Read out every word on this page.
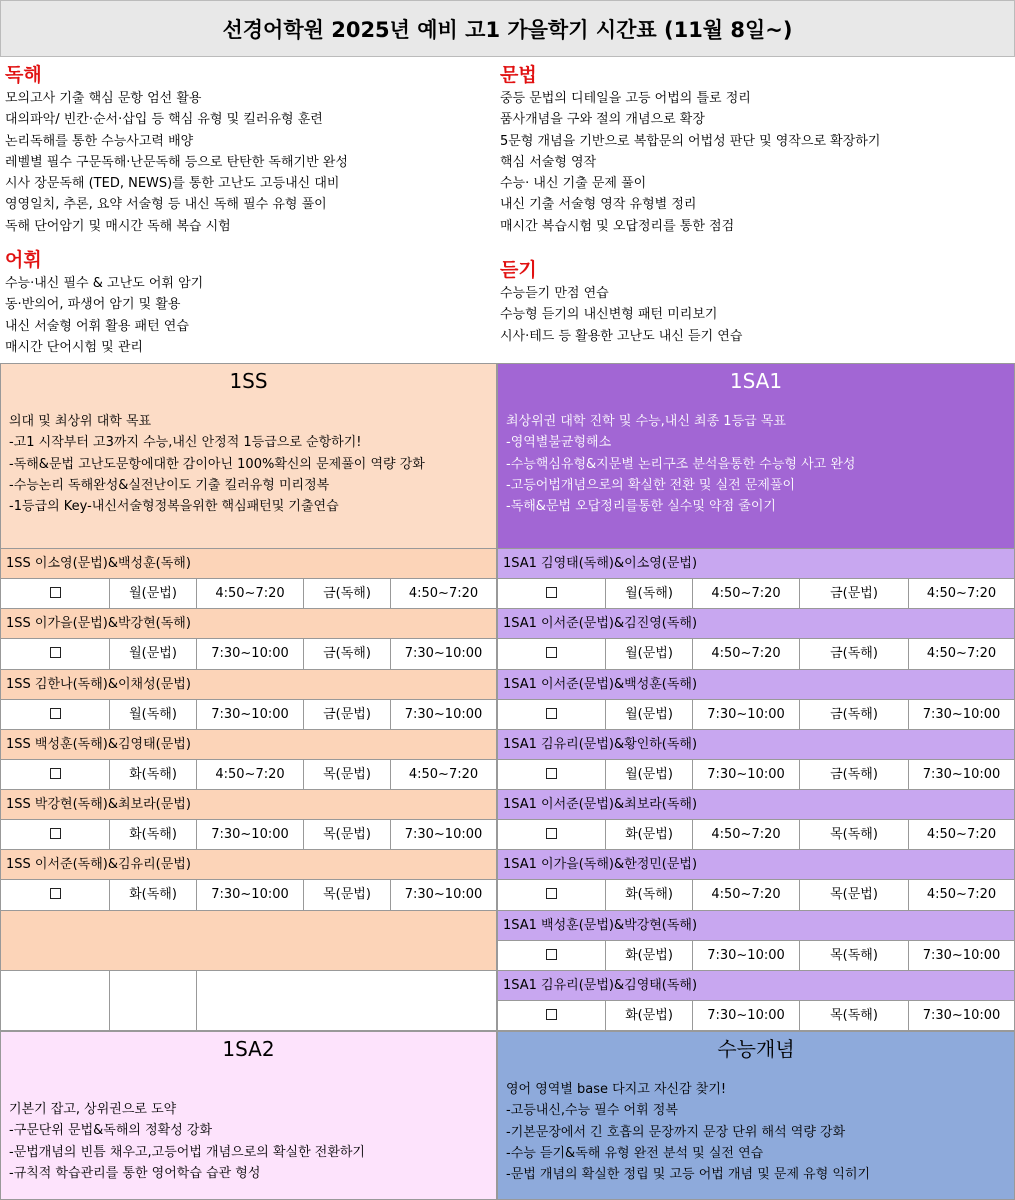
선경어학원 2025년 예비 고1 가을학기 시간표 (11월 8일~)
독해
모의고사 기출 핵심 문항 엄선 활용
대의파악/ 빈칸·순서·삽입 등 핵심 유형 및 킬러유형 훈련
논리독해를 통한 수능사고력 배양
레벨별 필수 구문독해·난문독해 등으로 탄탄한 독해기반 완성
시사 장문독해 (TED, NEWS)를 통한 고난도 고등내신 대비
영영일치, 추론, 요약 서술형 등 내신 독해 필수 유형 풀이
독해 단어암기 및 매시간 독해 복습 시험
어휘
수능·내신 필수 & 고난도 어휘 암기
동·반의어, 파생어 암기 및 활용
내신 서술형 어휘 활용 패턴 연습
매시간 단어시험 및 관리
문법
중등 문법의 디테일을 고등 어법의 틀로 정리
품사개념을 구와 절의 개념으로 확장
5문형 개념을 기반으로 복합문의 어법성 판단 및 영작으로 확장하기
핵심 서술형 영작
수능· 내신 기출 문제 풀이
내신 기출 서술형 영작 유형별 정리
매시간 복습시험 및 오답정리를 통한 점검
듣기
수능듣기 만점 연습
수능형 듣기의 내신변형 패턴 미리보기
시사·테드 등 활용한 고난도 내신 듣기 연습
1SS
의대 및 최상위 대학 목표
-고1 시작부터 고3까지 수능,내신 안정적 1등급으로 순항하기!
-독해&문법 고난도문항에대한 감이아닌 100%확신의 문제풀이 역량 강화
-수능논리 독해완성&실전난이도 기출 킬러유형 미리정복
-1등급의 Key-내신서술형정복을위한 핵심패턴및 기출연습
1SA1
최상위권 대학 진학 및 수능,내신 최종 1등급 목표
-영역별불균형해소
-수능핵심유형&지문별 논리구조 분석을통한 수능형 사고 완성
-고등어법개념으로의 확실한 전환 및 실전 문제풀이
-독해&문법 오답정리를통한 실수및 약점 줄이기
1SS 이소영(문법)&백성훈(독해)
월(문법)	4:50~7:20	금(독해)	4:50~7:20
1SS 이가을(문법)&박강현(독해)
월(문법)	7:30~10:00	금(독해)	7:30~10:00
1SS 김한나(독해)&이채성(문법)
월(독해)	7:30~10:00	금(문법)	7:30~10:00
1SS 백성훈(독해)&김영태(문법)
화(독해)	4:50~7:20	목(문법)	4:50~7:20
1SS 박강현(독해)&최보라(문법)
화(독해)	7:30~10:00	목(문법)	7:30~10:00
1SS 이서준(독해)&김유리(문법)
화(독해)	7:30~10:00	목(문법)	7:30~10:00
1SA1 김영태(독해)&이소영(문법)
월(독해)	4:50~7:20	금(문법)	4:50~7:20
1SA1 이서준(문법)&김진영(독해)
월(문법)	4:50~7:20	금(독해)	4:50~7:20
1SA1 이서준(문법)&백성훈(독해)
월(문법)	7:30~10:00	금(독해)	7:30~10:00
1SA1 김유리(문법)&황인하(독해)
월(문법)	7:30~10:00	금(독해)	7:30~10:00
1SA1 이서준(문법)&최보라(독해)
화(문법)	4:50~7:20	목(독해)	4:50~7:20
1SA1 이가을(독해)&한정민(문법)
화(독해)	4:50~7:20	목(문법)	4:50~7:20
1SA1 백성훈(문법)&박강현(독해)
화(문법)	7:30~10:00	목(독해)	7:30~10:00
1SA1 김유리(문법)&김영태(독해)
화(문법)	7:30~10:00	목(독해)	7:30~10:00
1SA2
기본기 잡고, 상위권으로 도약
-구문단위 문법&독해의 정확성 강화
-문법개념의 빈틈 채우고,고등어법 개념으로의 확실한 전환하기
-규칙적 학습관리를 통한 영어학습 습관 형성
수능개념
영어 영역별 base 다지고 자신감 찾기!
-고등내신,수능 필수 어휘 정복
-기본문장에서 긴 호흡의 문장까지 문장 단위 해석 역량 강화
-수능 듣기&독해 유형 완전 분석 및 실전 연습
-문법 개념의 확실한 정립 및 고등 어법 개념 및 문제 유형 익히기
